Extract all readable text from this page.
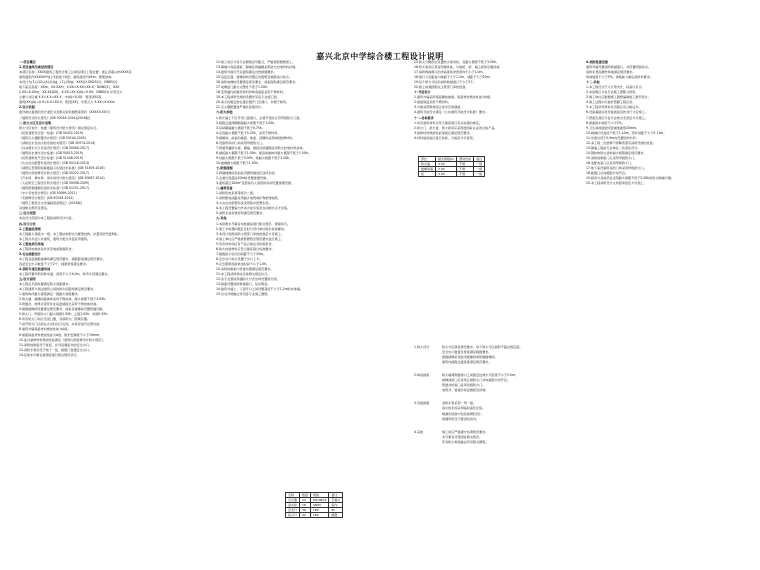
嘉兴北京中学综合楼工程设计说明
一.项目概况
1.项目建筑及楼层的情况
本项目名称：XXXX建筑工程设计施工总承包项目工程位置：浙江省嘉兴市XXXX区
建筑面积约XXXXm²地上X层地下X层；建筑高度约XXm；框架结构。
本设计为(1)-(12)-(A)-(L)轴；(1)-(3)轴：XXX(1) DN25(1)；DN65(1)
地下室总高度：XXm；XX.XXm；X.XX=X.XX=XX.X；DN80(1)，XXX
2.XX=X.XXm，XX.XX(XX)，X.XX=XX.X(A)=X.XX；DN80(1) 中型灭火
主要公共区域 X.X=X.X=XX.X；中(A)=X.XX；管径(XX)等。
建筑(XX)(A)=X.X=X.X=XX.X；管径(XX)，中型灭火 X.XX=X.XXm
2.设计依据
建设单位提供的设计委托书及相关资料图纸等资料（XXXX年XX月）
《建筑设计防火规范》(GB 50016-2014)(2018版)
二.防火分区及设计说明
防火分区划分：依据《建筑设计防火规范》相关规定执行。
《民用建筑设计统一标准》(GB 50352-2019)
《建筑灭火器配置设计规范》(GB 50140-2005)
《消防给水及消火栓系统技术规范》(GB 50974-2014)
《自动喷水灭火系统设计规范》(GB 50084-2017)
《建筑给水排水设计标准》(GB 50015-2019)
《民用建筑电气设计标准》(GB 51348-2019)
《火灾自动报警系统设计规范》(GB 50116-2013)
《消防应急照明和疏散指示系统技术标准》(GB 51309-2018)
《建筑内部装修设计防火规范》(GB 50222-2017)
《汽车库、修车库、停车场设计防火规范》(GB 50067-2014)
《人民防空工程设计防火规范》(GB 50098-2009)
《建筑防烟排烟系统技术标准》(GB 51251-2017)
《中小学校设计规范》(GB 50099-2011)
《无障碍设计规范》(GB 50763-2012)
《建筑工程设计文件编制深度规定》(2016版)
其他相关规范及规定。
三.设计范围
本次设计范围为本工程的消防设计内容。
四.设计分类
1.工程建设等级
本工程耐火等级为一级；本工程结构形式为框架结构，抗震设防烈度6度。
本工程为多层公共建筑，建筑分类为多层民用建筑。
2.工程地质及场地
本工程场地地质条件详见地质勘察报告。
3.安全疏散设计
本工程各层疏散楼梯均满足规范要求，疏散距离满足规范要求。
各层安全出口数量不少于2个，疏散宽度满足要求。
4.消防车道及救援场地
本工程设置环形消防车道，宽度不小于4.0m，转弯半径满足要求。
五.设计说明
本工程总平面布置满足防火间距要求。
本工程建筑与周边建筑之间的防火间距均满足规范要求。
1.建筑构件耐火极限满足一级耐火等级要求。
2.防火墙、楼梯间墙体均采用不燃烧体，耐火极限不低于3.00h。
3.管道井、电缆井等竖井在每层楼板处采用不燃烧体封堵。
4.疏散楼梯间设置满足规范要求；前室及楼梯间设置防烟设施。
5.防火门：甲级防火门耐火极限1.50h；乙级1.00h；丙级0.50h。
6.所有防火门均应设闭门器，双扇防火门设顺序器。
7.常开防火门应能在火灾时自行关闭，并具有信号反馈功能。
8.建筑外墙保温材料燃烧性能为A级。
9.屋面保温材料燃烧性能为A级，防护层厚度不小于10mm。
10.室内装修材料燃烧性能满足《建筑内部装修设计防火规范》。
11.消防控制室设于首层，并设直通室外的安全出口。
12.消防水泵房设于地下一层，疏散门直通安全出口。
13.其他未尽事宜按国家现行相关规范执行。
12.施工时应与各专业图纸密切配合，严格按照图纸施工。
13.幕墙与每层楼板、隔墙处的缝隙采用防火封堵材料封堵。
14.建筑外窗可开启面积满足自然排烟要求。
15.各层走道、楼梯间均设置应急照明及疏散指示标志。
16.消防电梯的设置满足规范要求，前室面积满足规范要求。
17.电梯层门耐火完整性不低于1.00h。
18.变形缝内的填充材料和构造基层采用不燃材料。
19.本工程消防设施的设置详见各专业施工图。
20.消火栓箱安装位置应避开门及洞口，并便于取用。
21.灭火器配置按严重危险级设计。
六.防火构造
1.防火墙上不应开设门窗洞口，必须开设时应设甲级防火门窗。
2.疏散走道两侧隔墙耐火极限不低于1.00h。
3.房间隔墙耐火极限不低于0.75h。
4.吊顶耐火极限不低于0.25h，采用不燃材料。
5.楼梯间、前室的墙面、地面、顶棚均采用A级装修材料。
6.设备用房的门均采用甲级防火门。
7.管道穿越防火墙、隔墙、楼板处的缝隙采用防火封堵材料封堵。
8.楼板耐火极限不低于1.50h；屋顶承重构件耐火极限不低于1.50h。
9.柱耐火极限不低于3.00h；梁耐火极限不低于2.00h。
10.楼梯耐火极限不低于1.50h。
七.防烟排烟
1.防烟楼梯间及前室设置机械加压送风系统。
2.走道长度超过20m时设置排烟设施。
3.面积超过100m²且经常有人停留的房间设置排烟设施。
八.建筑设备
1.消防用电负荷等级为二级。
2.消防配电线路采用耐火电缆或矿物绝缘电缆。
3.火灾自动报警系统采用集中报警系统。
4.本工程设置室内外消火栓系统及自动喷水灭火系统。
5.消防水池有效容积满足规范要求。
九.其他
1.本说明未尽事宜均按国家现行相关规范、规程执行。
2.施工中如遇问题应及时与设计单位联系协商解决。
3.本设计需经消防主管部门审核批准后方可施工。
4.施工单位应严格按照图纸及规范要求进行施工。
5.所有材料均应有产品合格证及检验报告。
6.防火封堵材料应符合国家现行标准要求。
7.疏散指示标志的间距不大于20m。
8.安全出口标志设置于出口上方。
9.应急照明连续供电时间不小于1.0h。
10.消防控制室内设备布置满足规范要求。
11.本工程消防验收应按相关规定执行。
12.各专业管线穿越防火分区处均设置防火阀。
13.屋面设置消防救援窗口，标识明显。
14.建筑外墙上、下层开口之间设置高度不小于1.2m的实体墙。
15.有关详细做法详见各专业施工图纸。
15.防火分隔部位设置防火卷帘时，其耐火极限不低于3.00h。
16.防火卷帘应具有防烟性能，与楼板、梁、墙之间的空隙封堵。
17.消防救援窗口的净高度和净宽度均不小于1.0m。
18.窗口下沿距室内地面不大于1.2m，间距不大于20m。
19.每个防火分区的消防救援窗口不少于2个。
20.施工前须经相关主管部门审核批准。
十.节能设计
1.建筑外墙采用保温隔热措施，保温材料燃烧性能为A级。
2.屋面保温采用不燃材料。
3.外窗采用断热铝合金中空玻璃窗。
4.建筑节能设计满足《公共建筑节能设计标准》要求。
十一.材料要求
1.所有建筑材料应符合国家现行有关标准的规定。
2.防火门、防火窗、防火卷帘应采用经国家认证的合格产品。
3.装修材料燃烧性能等级应满足规范要求。
4.材料进场前应进行检验，合格后方可使用。
4.消防救援设施
建筑外墙设置消防救援窗口，并设置明显标识。
消防车登高操作场地满足规范要求。
场地坡度不大于3%，承载能力满足消防车要求。
十二.其他
1.本工程设计尺寸以毫米计，标高以米计。
2.本说明应与各专业施工图配合使用。
3.施工单位应根据施工图纸编制施工组织设计。
4.施工过程中应做好隐蔽工程记录。
5.本工程所用材料及设备应有合格证书。
6.设备基础应待设备到货后核对尺寸后施工。
7.预留孔洞应与各专业核对无误后方可施工。
8.屋面排水坡度不小于2%。
9.卫生间地面较同层楼地面低20mm。
10.楼梯栏杆高度不低于1.10m，竖杆间距不大于0.11m。
11.外窗台低于0.9m时设置防护栏杆。
12.本工程二次装修不得降低原有消防设施的性能。
13.幕墙工程由专业单位二次深化设计。
14.钢结构防火涂料耐火极限满足规范要求。
15.消防控制室门应采用甲级防火门。
16.变配电室门应采用甲级防火门。
17.地下室设备用房的门均采用甲级防火门。
18.疏散门应向疏散方向开启。
19.厨房与其他部位采用耐火极限不低于2.00h的防火隔墙分隔。
20.本工程消防设计文件经审批后方可施工。
部位	耐火极限(h)	燃烧性能	备注
防火墙	3.00	不燃	一级
楼梯间墙	2.00	不燃	一级
柱	3.00	不燃	一级
1.防火设计	防火分区满足规范要求，每个防火分区面积不超过规定值。
安全出口数量及宽度满足疏散要求。
疏散楼梯采用封闭楼梯间或防烟楼梯间。
建筑内疏散走道宽度满足规范要求。
2.构造措施	防火墙两侧窗洞口之间最近边缘水平距离不小于2.0m。
楼梯间的门应采用乙级防火门并向疏散方向开启。
管道井检查门采用丙级防火门。
电缆井、管道井每层楼板处封堵。
3.设备措施	消防水泵采用一用一备。
消火栓系统采用临时高压系统。
喷淋系统按中危险级II级设计。
排烟风机设于屋顶机房内。
4.其他	施工时应严格遵守各项规范要求。
未尽事宜详见国家相关规范。
所有防火构造做法详见相关图集。
名称	数量	规格	备注
灭火器	24	MF/ABC4	手提式
消火栓	18	SN65	室内
应急灯	36	LED	2h
指示灯	42	LED	疏散
